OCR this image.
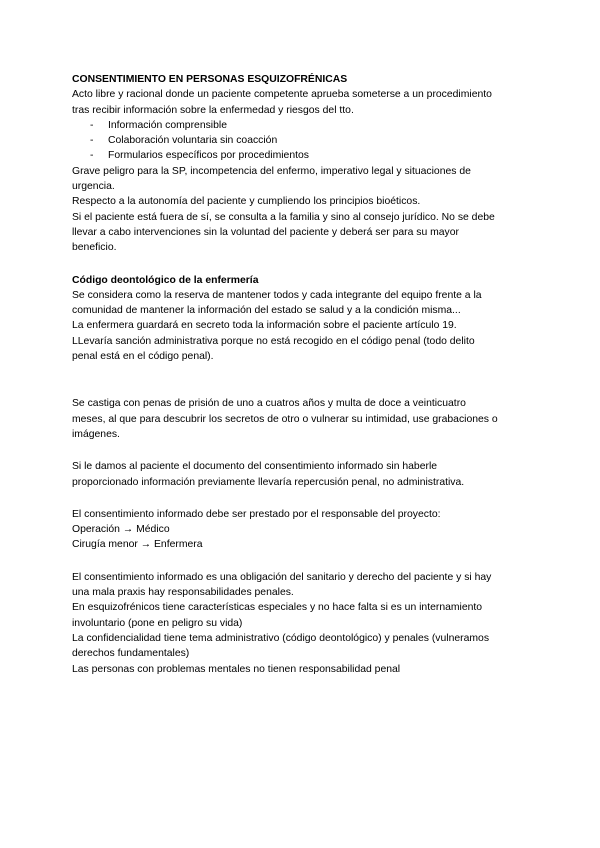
CONSENTIMIENTO EN PERSONAS ESQUIZOFRÉNICAS
Acto libre y racional donde un paciente competente aprueba someterse a un procedimiento
tras recibir información sobre la enfermedad y riesgos del tto.
- Información comprensible
- Colaboración voluntaria sin coacción
- Formularios específicos por procedimientos
Grave peligro para la SP, incompetencia del enfermo, imperativo legal y situaciones de
urgencia.
Respecto a la autonomía del paciente y cumpliendo los principios bioéticos.
Si el paciente está fuera de sí, se consulta a la familia y sino al consejo jurídico. No se debe
llevar a cabo intervenciones sin la voluntad del paciente y deberá ser para su mayor
beneficio.
Código deontológico de la enfermería
Se considera como la reserva de mantener todos y cada integrante del equipo frente a la
comunidad de mantener la información del estado se salud y a la condición misma...
La enfermera guardará en secreto toda la información sobre el paciente artículo 19.
LLevaría sanción administrativa porque no está recogido en el código penal (todo delito
penal está en el código penal).
Se castiga con penas de prisión de uno a cuatros años y multa de doce a veinticuatro
meses, al que para descubrir los secretos de otro o vulnerar su intimidad, use grabaciones o
imágenes.
Si le damos al paciente el documento del consentimiento informado sin haberle
proporcionado información previamente llevaría repercusión penal, no administrativa.
El consentimiento informado debe ser prestado por el responsable del proyecto:
Operación → Médico
Cirugía menor → Enfermera
El consentimiento informado es una obligación del sanitario y derecho del paciente y si hay
una mala praxis hay responsabilidades penales.
En esquizofrénicos tiene características especiales y no hace falta si es un internamiento
involuntario (pone en peligro su vida)
La confidencialidad tiene tema administrativo (código deontológico) y penales (vulneramos
derechos fundamentales)
Las personas con problemas mentales no tienen responsabilidad penal
